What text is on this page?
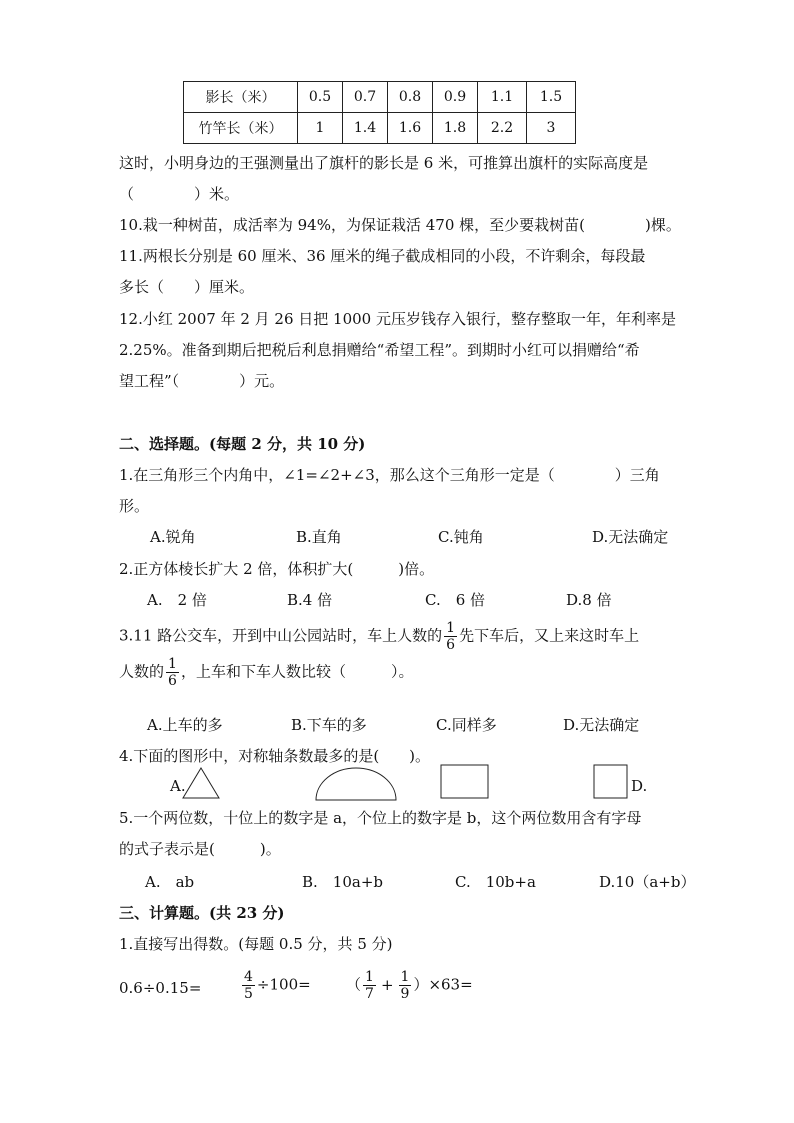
影长（米）	0.5	0.7	0.8	0.9	1.1	1.5
竹竿长（米）	1	1.4	1.6	1.8	2.2	3
这时，小明身边的王强测量出了旗杆的影长是 6 米，可推算出旗杆的实际高度是
（　　　　）米。
10.栽一种树苗，成活率为 94%，为保证栽活 470 棵，至少要栽树苗(　　　　)棵。
11.两根长分别是 60 厘米、36 厘米的绳子截成相同的小段，不许剩余，每段最
多长（　　）厘米。
12.小红 2007 年 2 月 26 日把 1000 元压岁钱存入银行，整存整取一年，年利率是
2.25%。准备到期后把税后利息捐赠给“希望工程”。到期时小红可以捐赠给“希
望工程”（　　　　）元。
二、选择题。(每题 2 分，共 10 分)
1.在三角形三个内角中，∠1=∠2+∠3，那么这个三角形一定是（　　　　）三角
形。
A.锐角	B.直角	C.钝角	D.无法确定
2.正方体棱长扩大 2 倍，体积扩大(　　　)倍。
A.　2 倍	B.4 倍	C.　6 倍	D.8 倍
3.11 路公交车，开到中山公园站时，车上人数的 $\frac{1}{6}$ 先下车后，又上来这时车上
人数的 $\frac{1}{6}$ ，上车和下车人数比较（　　　）。
A.上车的多	B.下车的多	C.同样多	D.无法确定
4.下面的图形中，对称轴条数最多的是(　　)。
A.	D.
5.一个两位数，十位上的数字是 a，个位上的数字是 b，这个两位数用含有字母
的式子表示是(　　　)。
A.　ab	B.　10a+b	C.　10b+a	D.10（a+b）
三、计算题。(共 23 分)
1.直接写出得数。(每题 0.5 分，共 5 分)
0.6÷0.15=	$\frac{4}{5} \div 100=$ （ $\frac{1}{7} + \frac{1}{9} )\times 63=$
